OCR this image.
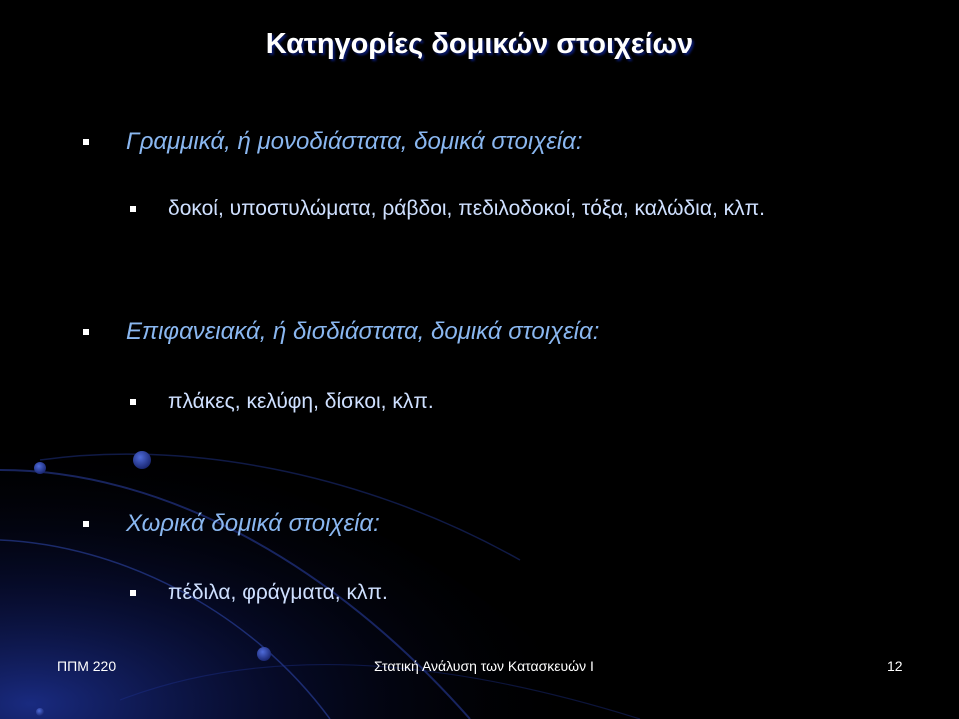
Κατηγορίες δομικών στοιχείων
Γραμμικά, ή μονοδιάστατα, δομικά στοιχεία:
δοκοί, υποστυλώματα, ράβδοι, πεδιλοδοκοί, τόξα, καλώδια, κλπ.
Επιφανειακά, ή δισδιάστατα, δομικά στοιχεία:
πλάκες, κελύφη, δίσκοι, κλπ.
Χωρικά δομικά στοιχεία:
πέδιλα, φράγματα, κλπ.
ΠΠΜ 220	Στατική Ανάλυση των Κατασκευών Ι	12
